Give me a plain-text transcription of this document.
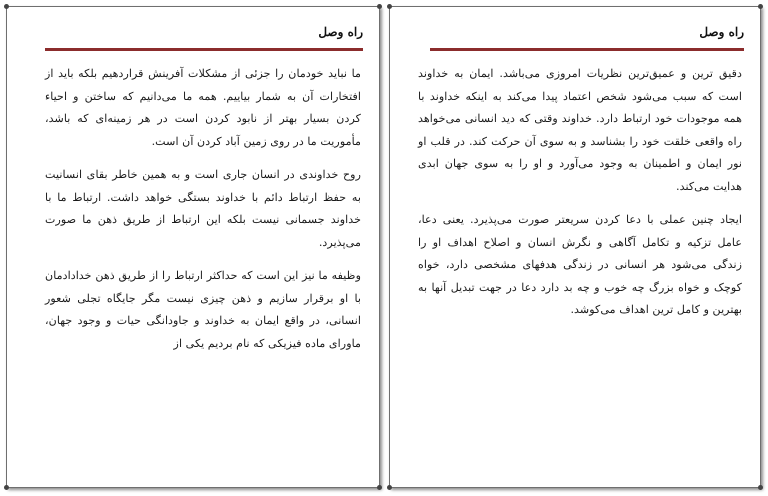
راه وصل

ما نباید خودمان را جزئی از مشکلات آفرینش قراردهیم بلکه باید از افتخارات آن به شمار بیاییم. همه ما می‌دانیم که ساختن و احیاء کردن بسیار بهتر از نابود کردن است در هر زمینه‌ای که باشد، مأموریت ما در روی زمین آباد کردن آن است.

روح خداوندی در انسان جاری است و به همین خاطر بقای انسانیت به حفظ ارتباط دائم با خداوند بستگی خواهد داشت. ارتباط ما با خداوند جسمانی نیست بلکه این ارتباط از طریق ذهن ما صورت می‌پذیرد.

وظیفه ما نیز این است که حداکثر ارتباط را از طریق ذهن خدادادمان با او برقرار سازیم و ذهن چیزی نیست مگر جایگاه تجلی شعور انسانی، در واقع ایمان به خداوند و جاودانگی حیات و وجود جهان، ماورای ماده فیزیکی که نام بردیم یکی از

راه وصل

دقیق ترین و عمیق‌ترین نظریات امروزی می‌باشد. ایمان به خداوند است که سبب می‌شود شخص اعتماد پیدا می‌کند به اینکه خداوند با همه موجودات خود ارتباط دارد. خداوند وقتی که دید انسانی می‌خواهد راه واقعی خلقت خود را بشناسد و به سوی آن حرکت کند. در قلب او نور ایمان و اطمینان به وجود می‌آورد و او را به سوی جهان ابدی هدایت می‌کند.

ایجاد چنین عملی با دعا کردن سریعتر صورت می‌پذیرد. یعنی دعا، عامل تزکیه و تکامل آگاهی و نگرش انسان و اصلاح اهداف او را زندگی می‌شود هر انسانی در زندگی هدفهای مشخصی دارد، خواه کوچک و خواه بزرگ چه خوب و چه بد دارد دعا در جهت تبدیل آنها به بهترین و کامل ترین اهداف می‌کوشد.
